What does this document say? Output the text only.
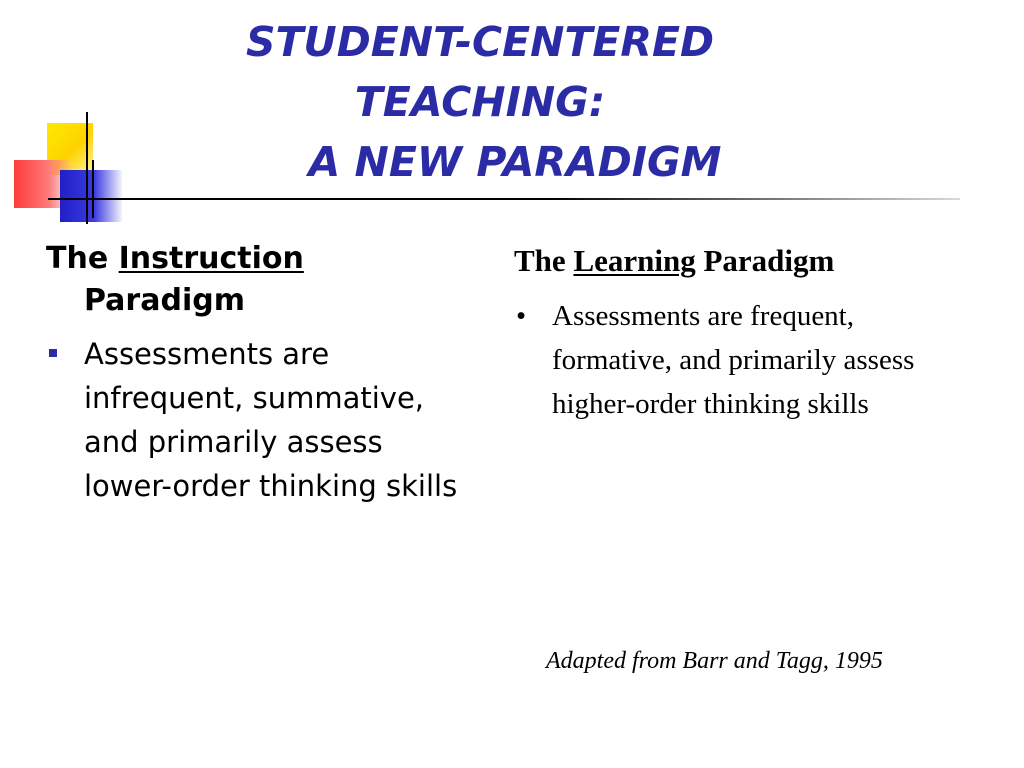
STUDENT-CENTERED
TEACHING:
A NEW PARADIGM
The Instruction
Paradigm
Assessments are infrequent, summative, and primarily assess lower-order thinking skills
The Learning Paradigm
• Assessments are frequent, formative, and primarily assess higher-order thinking skills
Adapted from Barr and Tagg, 1995
